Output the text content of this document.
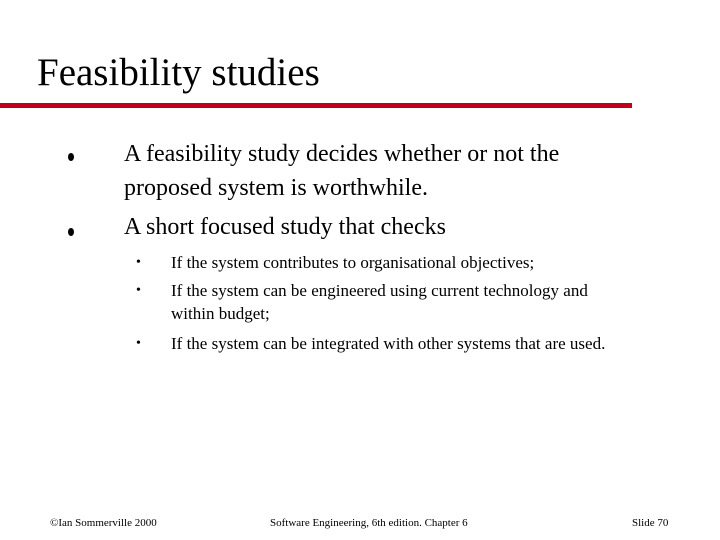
Feasibility studies
A feasibility study decides whether or not the
proposed system is worthwhile.
A short focused study that checks
• If the system contributes to organisational objectives;
• If the system can be engineered using current technology and
within budget;
• If the system can be integrated with other systems that are used.
©Ian Sommerville 2000	Software Engineering, 6th edition. Chapter 6	Slide 70
